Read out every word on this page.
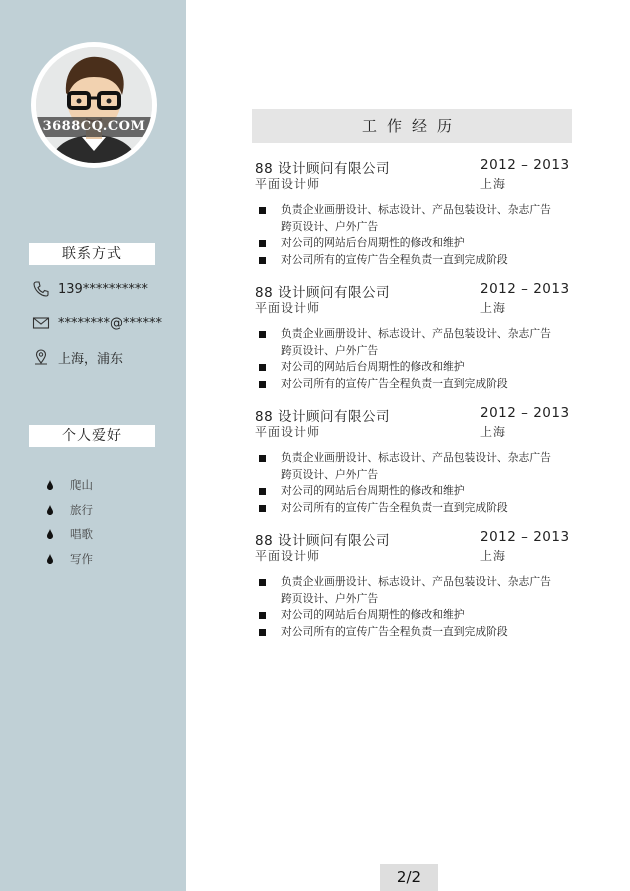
3688CQ.COM
联系方式
139**********
********@******
上海，浦东
个人爱好
爬山
旅行
唱歌
写作
工作经历
88 设计顾问有限公司	2012 – 2013
平面设计师	上海
负责企业画册设计、标志设计、产品包装设计、杂志广告跨页设计、户外广告
对公司的网站后台周期性的修改和维护
对公司所有的宣传广告全程负责一直到完成阶段
88 设计顾问有限公司	2012 – 2013
平面设计师	上海
负责企业画册设计、标志设计、产品包装设计、杂志广告跨页设计、户外广告
对公司的网站后台周期性的修改和维护
对公司所有的宣传广告全程负责一直到完成阶段
88 设计顾问有限公司	2012 – 2013
平面设计师	上海
负责企业画册设计、标志设计、产品包装设计、杂志广告跨页设计、户外广告
对公司的网站后台周期性的修改和维护
对公司所有的宣传广告全程负责一直到完成阶段
88 设计顾问有限公司	2012 – 2013
平面设计师	上海
负责企业画册设计、标志设计、产品包装设计、杂志广告跨页设计、户外广告
对公司的网站后台周期性的修改和维护
对公司所有的宣传广告全程负责一直到完成阶段
2/2
